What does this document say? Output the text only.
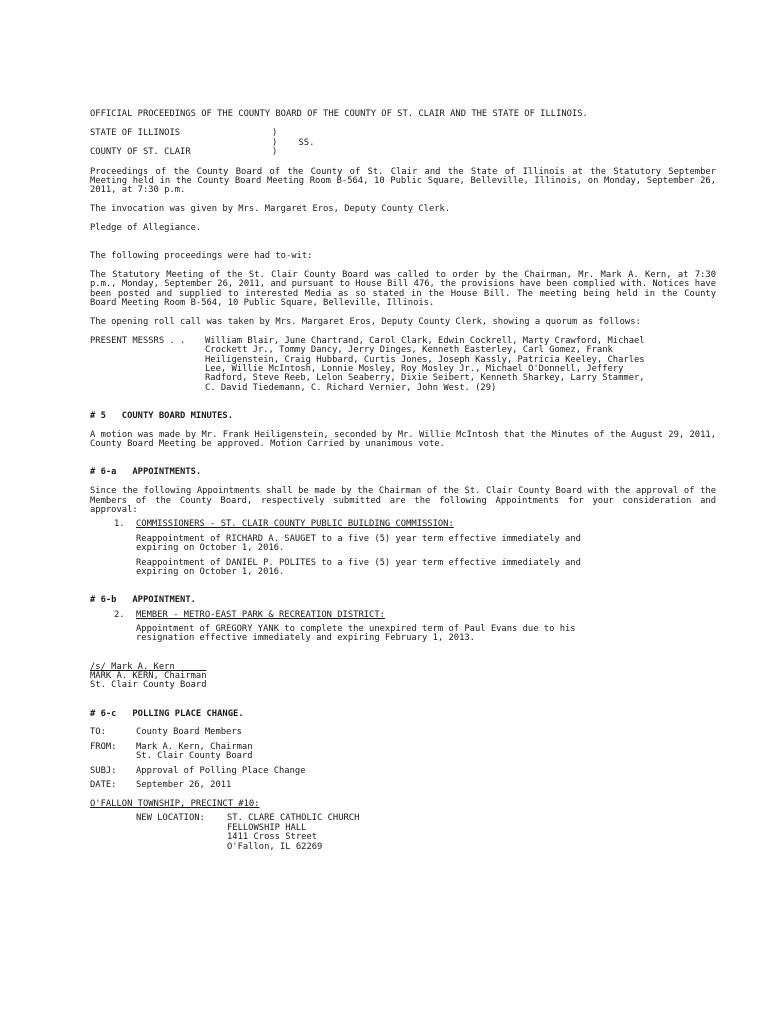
OFFICIAL PROCEEDINGS OF THE COUNTY BOARD OF THE COUNTY OF ST. CLAIR AND THE STATE OF ILLINOIS.

STATE OF ILLINOIS	)
)    SS.
COUNTY OF ST. CLAIR	)

Proceedings of the County Board of the County of St. Clair and the State of Illinois at the Statutory September Meeting held in the County Board Meeting Room B-564, 10 Public Square, Belleville, Illinois, on Monday, September 26, 2011, at 7:30 p.m.

The invocation was given by Mrs. Margaret Eros, Deputy County Clerk.

Pledge of Allegiance.

The following proceedings were had to-wit:

The Statutory Meeting of the St. Clair County Board was called to order by the Chairman, Mr. Mark A. Kern, at 7:30 p.m., Monday, September 26, 2011, and pursuant to House Bill 476, the provisions have been complied with. Notices have been posted and supplied to interested Media as so stated in the House Bill. The meeting being held in the County Board Meeting Room B-564, 10 Public Square, Belleville, Illinois.

The opening roll call was taken by Mrs. Margaret Eros, Deputy County Clerk, showing a quorum as follows:

PRESENT MESSRS . .	William Blair, June Chartrand, Carol Clark, Edwin Cockrell, Marty Crawford, Michael

Crockett Jr., Tommy Dancy, Jerry Dinges, Kenneth Easterley, Carl Gomez, Frank

Heiligenstein, Craig Hubbard, Curtis Jones, Joseph Kassly, Patricia Keeley, Charles

Lee, Willie McIntosh, Lonnie Mosley, Roy Mosley Jr., Michael O'Donnell, Jeffery

Radford, Steve Reeb, Lelon Seaberry, Dixie Seibert, Kenneth Sharkey, Larry Stammer,

C. David Tiedemann, C. Richard Vernier, John West. (29)

# 5   COUNTY BOARD MINUTES.

A motion was made by Mr. Frank Heiligenstein, seconded by Mr. Willie McIntosh that the Minutes of the August 29, 2011, County Board Meeting be approved. Motion Carried by unanimous vote.

# 6-a   APPOINTMENTS.

Since the following Appointments shall be made by the Chairman of the St. Clair County Board with the approval of the Members of the County Board, respectively submitted are the following Appointments for your consideration and approval:

1.	COMMISSIONERS - ST. CLAIR COUNTY PUBLIC BUILDING COMMISSION:

Reappointment of RICHARD A. SAUGET to a five (5) year term effective immediately and

expiring on October 1, 2016.

Reappointment of DANIEL P. POLITES to a five (5) year term effective immediately and

expiring on October 1, 2016.

# 6-b   APPOINTMENT.

2.	MEMBER - METRO-EAST PARK & RECREATION DISTRICT:

Appointment of GREGORY YANK to complete the unexpired term of Paul Evans due to his

resignation effective immediately and expiring February 1, 2013.

/s/ Mark A. Kern______

MARK A. KERN, Chairman

St. Clair County Board

# 6-c   POLLING PLACE CHANGE.

TO:	County Board Members
FROM:	Mark A. Kern, Chairman

St. Clair County Board

SUBJ:	Approval of Polling Place Change
DATE:	September 26, 2011

O'FALLON TOWNSHIP, PRECINCT #10:

NEW LOCATION:	ST. CLARE CATHOLIC CHURCH

FELLOWSHIP HALL

1411 Cross Street

O'Fallon, IL 62269
